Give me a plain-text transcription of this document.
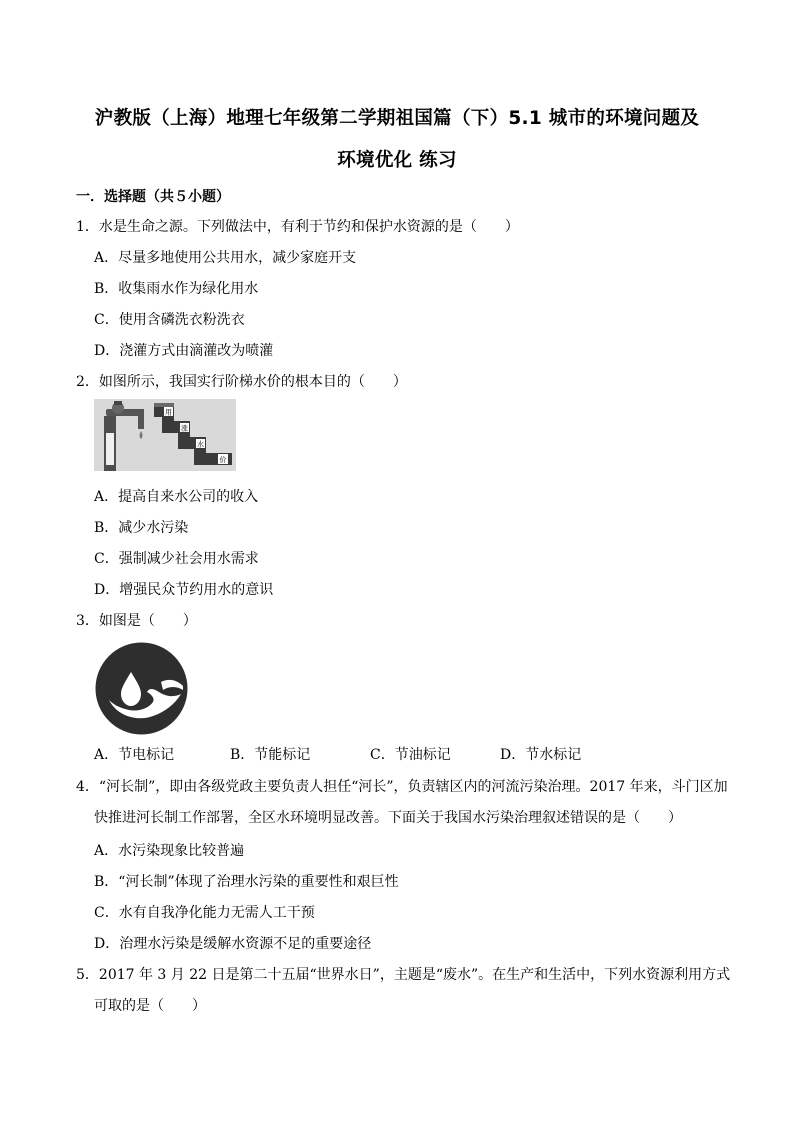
沪教版（上海）地理七年级第二学期祖国篇（下）5.1 城市的环境问题及
环境优化 练习
一．选择题（共５小题）
1．水是生命之源。下列做法中，有利于节约和保护水资源的是（　　）
A．尽量多地使用公共用水，减少家庭开支
B．收集雨水作为绿化用水
C．使用含磷洗衣粉洗衣
D．浇灌方式由滴灌改为喷灌
2．如图所示，我国实行阶梯水价的根本目的（　　）
用
涨
水
价
A．提高自来水公司的收入
B．减少水污染
C．强制减少社会用水需求
D．增强民众节约用水的意识
3．如图是（　　）
A．节电标记	B．节能标记	C．节油标记	D．节水标记
4．“河长制”，即由各级党政主要负责人担任“河长”，负责辖区内的河流污染治理。2017 年来，斗门区加
快推进河长制工作部署，全区水环境明显改善。下面关于我国水污染治理叙述错误的是（　　）
A．水污染现象比较普遍
B．“河长制”体现了治理水污染的重要性和艰巨性
C．水有自我净化能力无需人工干预
D．治理水污染是缓解水资源不足的重要途径
5．2017 年 3 月 22 日是第二十五届“世界水日”，主题是“废水”。在生产和生活中，下列水资源利用方式
可取的是（　　）
